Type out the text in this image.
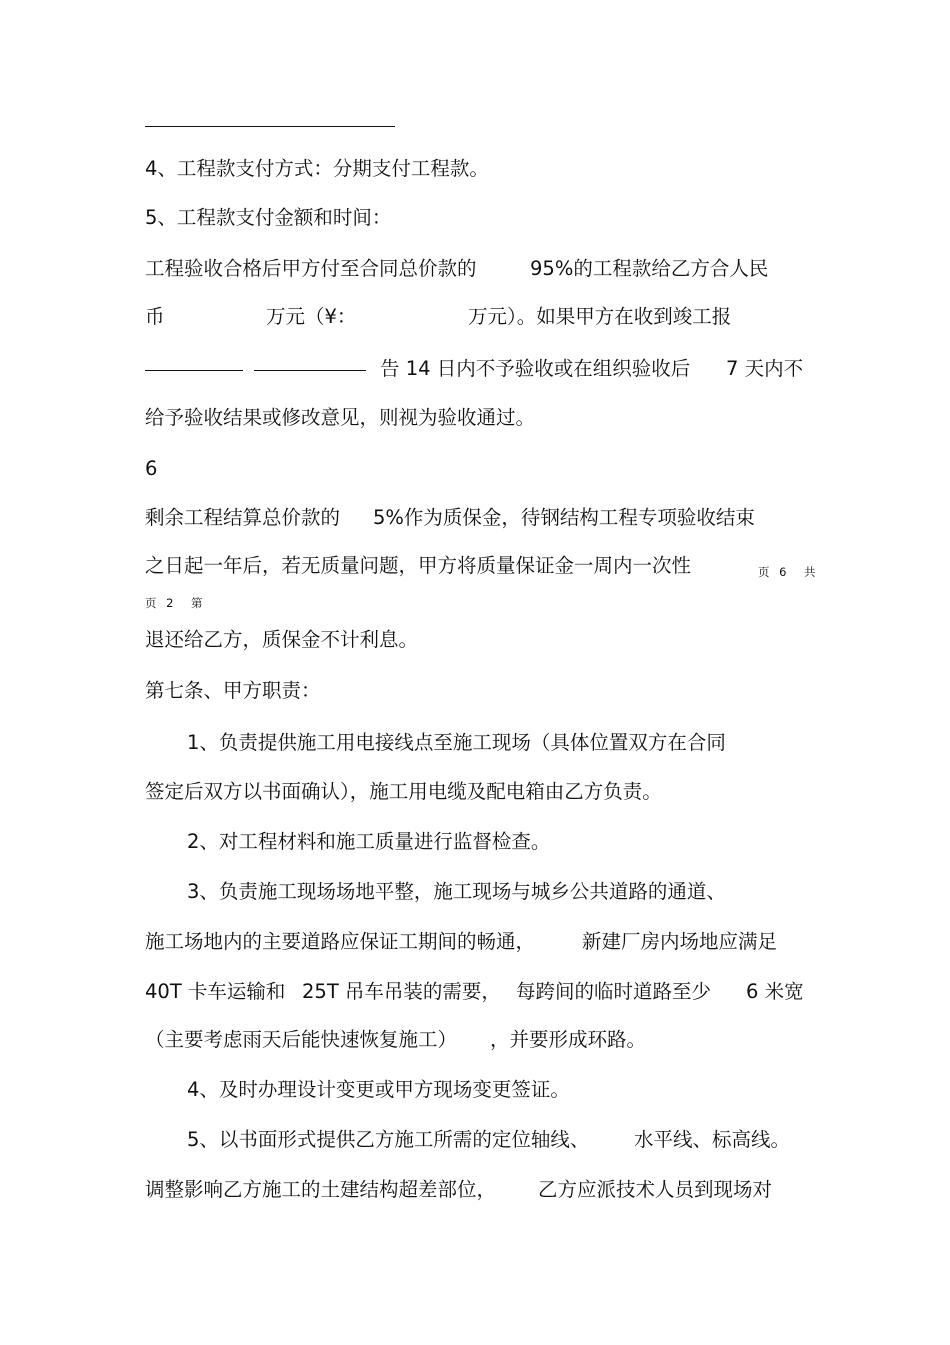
4、工程款支付方式：分期支付工程款。
5、工程款支付金额和时间：
工程验收合格后甲方付至合同总价款的	95%的工程款给乙方合人民
币	万元（¥：	万元）。如果甲方在收到竣工报
告 14 日内不予验收或在组织验收后 7 天内不
给予验收结果或修改意见，则视为验收通过。
6
剩余工程结算总价款的 5%作为质保金，待钢结构工程专项验收结束
之日起一年后，若无质量问题，甲方将质量保证金一周内一次性	页 6　共
页 2　第
退还给乙方，质保金不计利息。
第七条、甲方职责：
1、负责提供施工用电接线点至施工现场（具体位置双方在合同
签定后双方以书面确认），施工用电缆及配电箱由乙方负责。
2、对工程材料和施工质量进行监督检查。
3、负责施工现场场地平整，施工现场与城乡公共道路的通道、
施工场地内的主要道路应保证工期间的畅通， 新建厂房内场地应满足
40T 卡车运输和 25T 吊车吊装的需要， 每跨间的临时道路至少 6 米宽
（主要考虑雨天后能快速恢复施工） ，并要形成环路。
4、及时办理设计变更或甲方现场变更签证。
5、以书面形式提供乙方施工所需的定位轴线、 水平线、标高线。
调整影响乙方施工的土建结构超差部位， 乙方应派技术人员到现场对
